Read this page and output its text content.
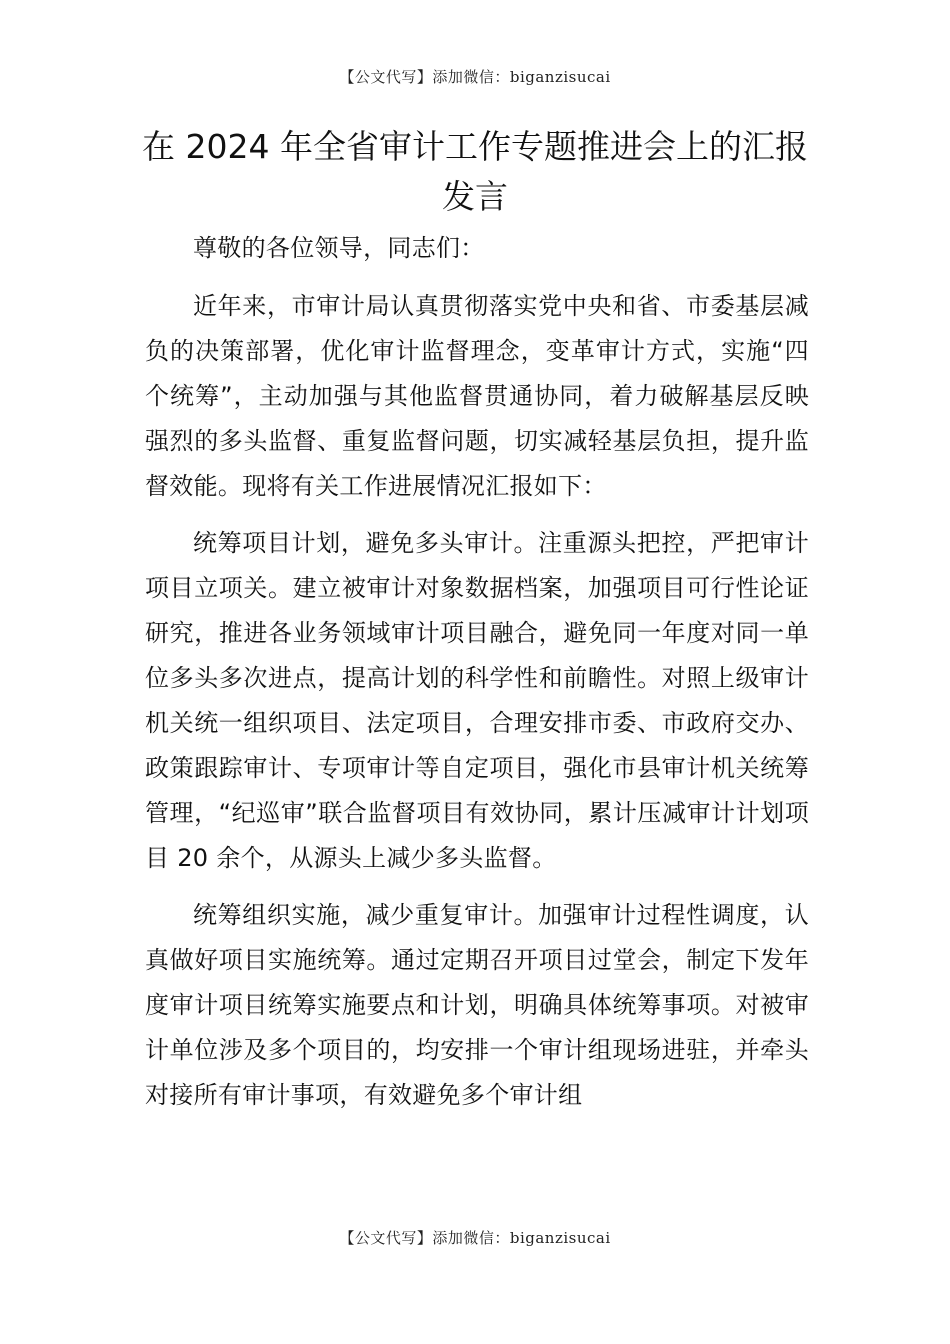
【公文代写】添加微信：biganzisucai
在 2024 年全省审计工作专题推进会上的汇报
发言

尊敬的各位领导，同志们：

近年来，市审计局认真贯彻落实党中央和省、市委基层减负的决策部署，优化审计监督理念，变革审计方式，实施“四个统筹”，主动加强与其他监督贯通协同，着力破解基层反映强烈的多头监督、重复监督问题，切实减轻基层负担，提升监督效能。现将有关工作进展情况汇报如下：

统筹项目计划，避免多头审计。注重源头把控，严把审计项目立项关。建立被审计对象数据档案，加强项目可行性论证研究，推进各业务领域审计项目融合，避免同一年度对同一单位多头多次进点，提高计划的科学性和前瞻性。对照上级审计机关统一组织项目、法定项目，合理安排市委、市政府交办、政策跟踪审计、专项审计等自定项目，强化市县审计机关统筹管理，“纪巡审”联合监督项目有效协同，累计压减审计计划项目 20 余个，从源头上减少多头监督。

统筹组织实施，减少重复审计。加强审计过程性调度，认真做好项目实施统筹。通过定期召开项目过堂会，制定下发年度审计项目统筹实施要点和计划，明确具体统筹事项。对被审计单位涉及多个项目的，均安排一个审计组现场进驻，并牵头对接所有审计事项，有效避免多个审计组

【公文代写】添加微信：biganzisucai
